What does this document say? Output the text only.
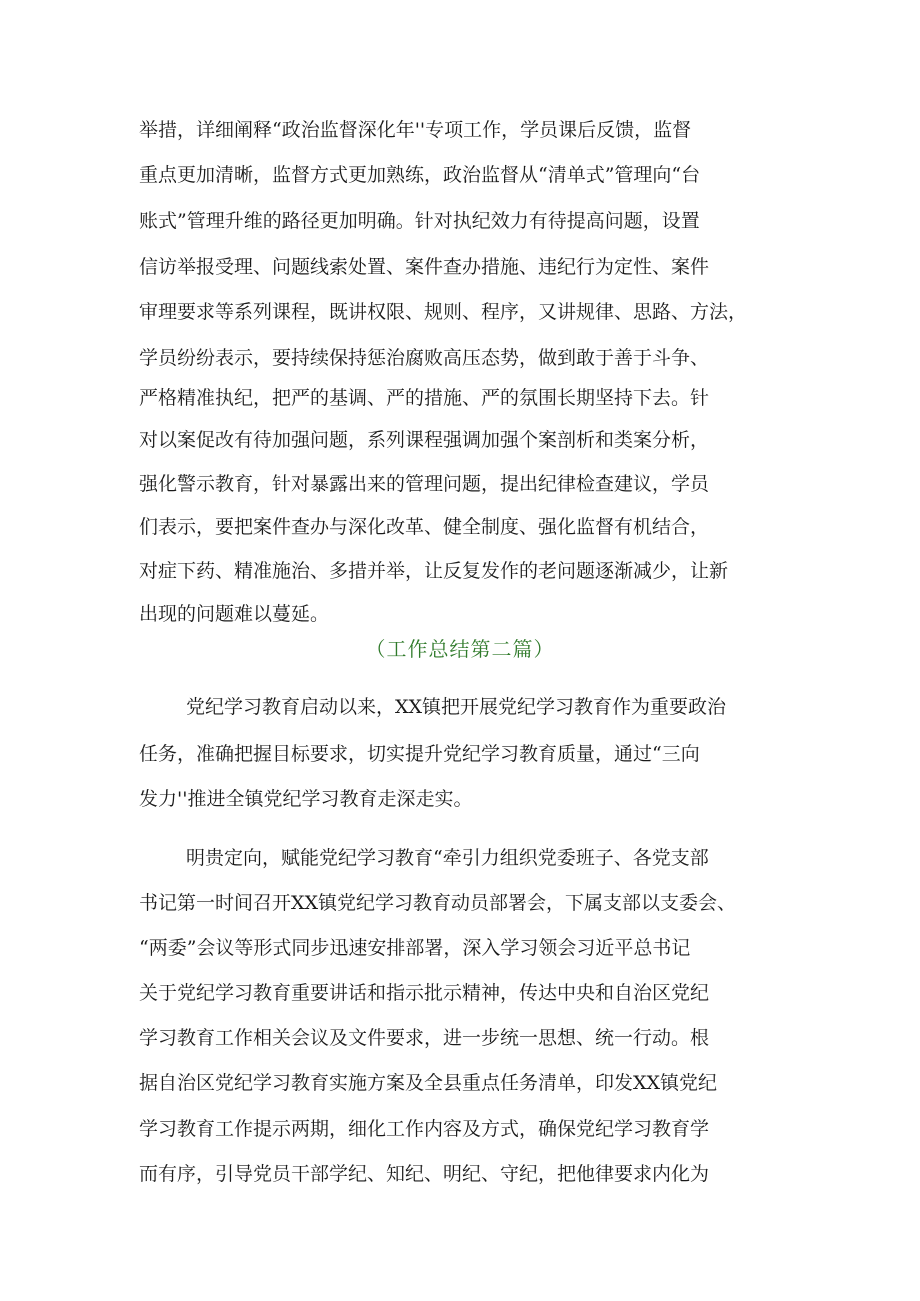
举措，详细阐释“政治监督深化年''专项工作，学员课后反馈，监督
重点更加清晰，监督方式更加熟练，政治监督从“清单式”管理向“台
账式”管理升维的路径更加明确。针对执纪效力有待提高问题，设置
信访举报受理、问题线索处置、案件查办措施、违纪行为定性、案件
审理要求等系列课程，既讲权限、规则、程序，又讲规律、思路、方法，
学员纷纷表示，要持续保持惩治腐败高压态势，做到敢于善于斗争、
严格精准执纪，把严的基调、严的措施、严的氛围长期坚持下去。针
对以案促改有待加强问题，系列课程强调加强个案剖析和类案分析，
强化警示教育，针对暴露出来的管理问题，提出纪律检查建议，学员
们表示，要把案件查办与深化改革、健全制度、强化监督有机结合，
对症下药、精准施治、多措并举，让反复发作的老问题逐渐减少，让新
出现的问题难以蔓延。
（工作总结第二篇）
党纪学习教育启动以来，XX镇把开展党纪学习教育作为重要政治
任务，准确把握目标要求，切实提升党纪学习教育质量，通过“三向
发力''推进全镇党纪学习教育走深走实。
明贵定向，赋能党纪学习教育“牵引力组织党委班子、各党支部
书记第一时间召开XX镇党纪学习教育动员部署会，下属支部以支委会、
“两委”会议等形式同步迅速安排部署，深入学习领会习近平总书记
关于党纪学习教育重要讲话和指示批示精神，传达中央和自治区党纪
学习教育工作相关会议及文件要求，进一步统一思想、统一行动。根
据自治区党纪学习教育实施方案及全县重点任务清单，印发XX镇党纪
学习教育工作提示两期，细化工作内容及方式，确保党纪学习教育学
而有序，引导党员干部学纪、知纪、明纪、守纪，把他律要求内化为
